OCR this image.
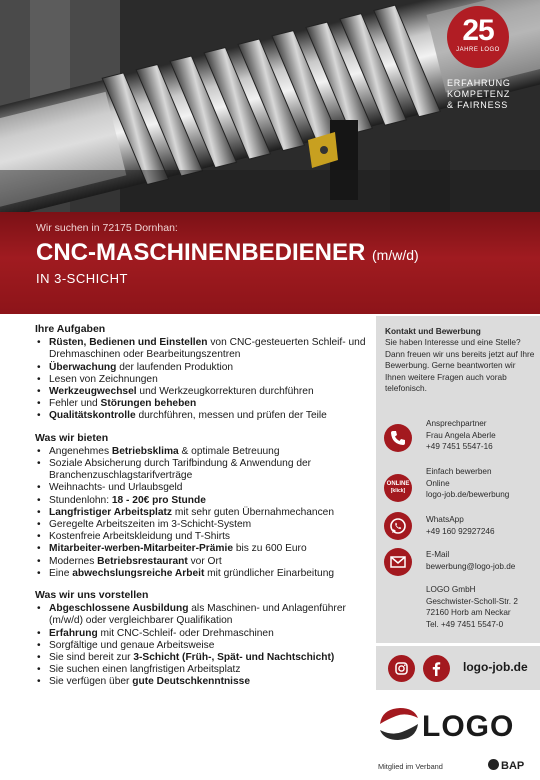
25
JAHRE LOGO
ERFAHRUNG
KOMPETENZ
& FAIRNESS
Wir suchen in 72175 Dornhan:
CNC-MASCHINENBEDIENER (m/w/d)
IN 3-SCHICHT
Ihre Aufgaben
• Rüsten, Bedienen und Einstellen von CNC-gesteuerten Schleif- und Drehmaschinen oder Bearbeitungszentren
• Überwachung der laufenden Produktion
• Lesen von Zeichnungen
• Werkzeugwechsel und Werkzeugkorrekturen durchführen
• Fehler und Störungen beheben
• Qualitätskontrolle durchführen, messen und prüfen der Teile
Was wir bieten
• Angenehmes Betriebsklima & optimale Betreuung
• Soziale Absicherung durch Tarifbindung & Anwendung der Branchenzuschlagstarifverträge
• Weihnachts- und Urlaubsgeld
• Stundenlohn: 18 - 20€ pro Stunde
• Langfristiger Arbeitsplatz mit sehr guten Übernahmechancen
• Geregelte Arbeitszeiten im 3-Schicht-System
• Kostenfreie Arbeitskleidung und T-Shirts
• Mitarbeiter-werben-Mitarbeiter-Prämie bis zu 600 Euro
• Modernes Betriebsrestaurant vor Ort
• Eine abwechslungsreiche Arbeit mit gründlicher Einarbeitung
Was wir uns vorstellen
• Abgeschlossene Ausbildung als Maschinen- und Anlagenführer (m/w/d) oder vergleichbarer Qualifikation
• Erfahrung mit CNC-Schleif- oder Drehmaschinen
• Sorgfältige und genaue Arbeitsweise
• Sie sind bereit zur 3-Schicht (Früh-, Spät- und Nachtschicht)
• Sie suchen einen langfristigen Arbeitsplatz
• Sie verfügen über gute Deutschkenntnisse
Kontakt und Bewerbung
Sie haben Interesse und eine Stelle? Dann freuen wir uns bereits jetzt auf Ihre Bewerbung. Gerne beantworten wir Ihnen weitere Fragen auch vorab telefonisch.
Ansprechpartner
Frau Angela Aberle
+49 7451 5547-16
ONLINE
[klick]
Einfach bewerben
Online
logo-job.de/bewerbung
WhatsApp
+49 160 92927246
E-Mail
bewerbung@logo-job.de
LOGO GmbH
Geschwister-Scholl-Str. 2
72160 Horb am Neckar
Tel. +49 7451 5547-0
logo-job.de
LOGO
Mitglied im Verband	BAP
